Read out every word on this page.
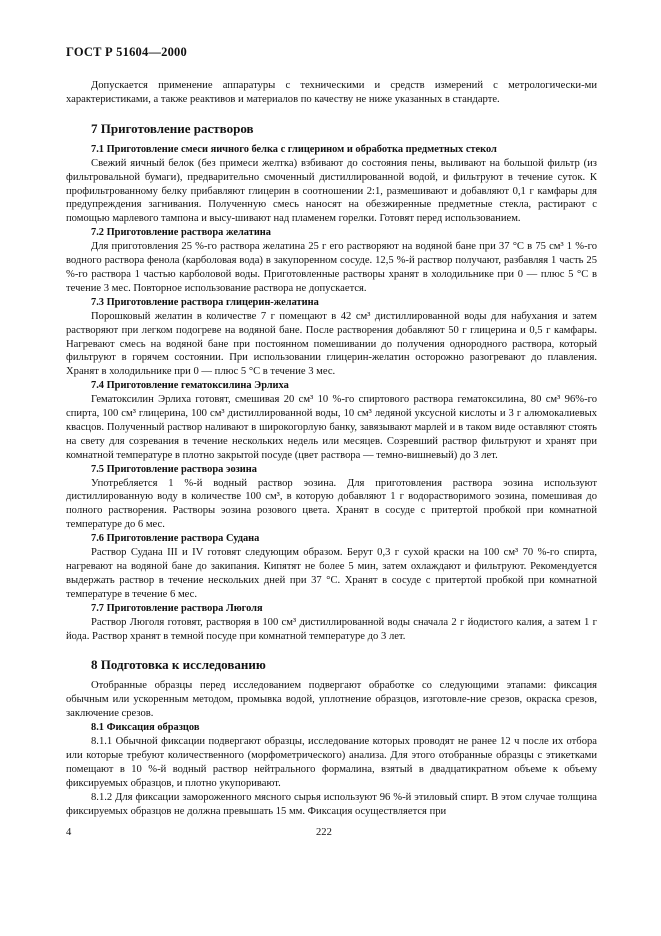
ГОСТ Р 51604—2000

Допускается применение аппаратуры с техническими и средств измерений с метрологически-ми характеристиками, а также реактивов и материалов по качеству не ниже указанных в стандарте.

7 Приготовление растворов
7.1 Приготовление смеси яичного белка с глицерином и обработка предметных стекол

Свежий яичный белок (без примеси желтка) взбивают до состояния пены, выливают на большой фильтр (из фильтровальной бумаги), предварительно смоченный дистиллированной водой, и фильтруют в течение суток. К профильтрованному белку прибавляют глицерин в соотношении 2:1, размешивают и добавляют 0,1 г камфары для предупреждения загнивания. Полученную смесь наносят на обезжиренные предметные стекла, растирают с помощью марлевого тампона и высу-шивают над пламенем горелки. Готовят перед использованием.

7.2 Приготовление раствора желатина

Для приготовления 25 %-го раствора желатина 25 г его растворяют на водяной бане при 37 °С в 75 см³ 1 %-го водного раствора фенола (карболовая вода) в закупоренном сосуде. 12,5 %-й раствор получают, разбавляя 1 часть 25 %-го раствора 1 частью карболовой воды. Приготовленные растворы хранят в холодильнике при 0 — плюс 5 °С в течение 3 мес. Повторное использование раствора не допускается.

7.3 Приготовление раствора глицерин-желатина

Порошковый желатин в количестве 7 г помещают в 42 см³ дистиллированной воды для набухания и затем растворяют при легком подогреве на водяной бане. После растворения добавляют 50 г глицерина и 0,5 г камфары. Нагревают смесь на водяной бане при постоянном помешивании до получения однородного раствора, который фильтруют в горячем состоянии. При использовании глицерин-желатин осторожно разогревают до плавления. Хранят в холодильнике при 0 — плюс 5 °С в течение 3 мес.

7.4 Приготовление гематоксилина Эрлиха

Гематоксилин Эрлиха готовят, смешивая 20 см³ 10 %-го спиртового раствора гематоксилина, 80 см³ 96%-го спирта, 100 см³ глицерина, 100 см³ дистиллированной воды, 10 см³ ледяной уксусной кислоты и 3 г алюмокалиевых квасцов. Полученный раствор наливают в широкогорлую банку, завязывают марлей и в таком виде оставляют стоять на свету для созревания в течение нескольких недель или месяцев. Созревший раствор фильтруют и хранят при комнатной температуре в плотно закрытой посуде (цвет раствора — темно-вишневый) до 3 лет.

7.5 Приготовление раствора эозина

Употребляется 1 %-й водный раствор эозина. Для приготовления раствора эозина используют дистиллированную воду в количестве 100 см³, в которую добавляют 1 г водорастворимого эозина, помешивая до полного растворения. Растворы эозина розового цвета. Хранят в сосуде с притертой пробкой при комнатной температуре до 6 мес.

7.6 Приготовление раствора Судана

Раствор Судана III и IV готовят следующим образом. Берут 0,3 г сухой краски на 100 см³ 70 %-го спирта, нагревают на водяной бане до закипания. Кипятят не более 5 мин, затем охлаждают и фильтруют. Рекомендуется выдержать раствор в течение нескольких дней при 37 °С. Хранят в сосуде с притертой пробкой при комнатной температуре в течение 6 мес.

7.7 Приготовление раствора Люголя

Раствор Люголя готовят, растворяя в 100 см³ дистиллированной воды сначала 2 г йодистого калия, а затем 1 г йода. Раствор хранят в темной посуде при комнатной температуре до 3 лет.

8 Подготовка к исследованию

Отобранные образцы перед исследованием подвергают обработке со следующими этапами: фиксация обычным или ускоренным методом, промывка водой, уплотнение образцов, изготовле-ние срезов, окраска срезов, заключение срезов.

8.1 Фиксация образцов

8.1.1 Обычной фиксации подвергают образцы, исследование которых проводят не ранее 12 ч после их отбора или которые требуют количественного (морфометрического) анализа. Для этого отобранные образцы с этикетками помещают в 10 %-й водный раствор нейтрального формалина, взятый в двадцатикратном объеме к объему фиксируемых образцов, и плотно укупоривают.

8.1.2 Для фиксации замороженного мясного сырья используют 96 %-й этиловый спирт. В этом случае толщина фиксируемых образцов не должна превышать 15 мм. Фиксация осуществляется при

4	222
